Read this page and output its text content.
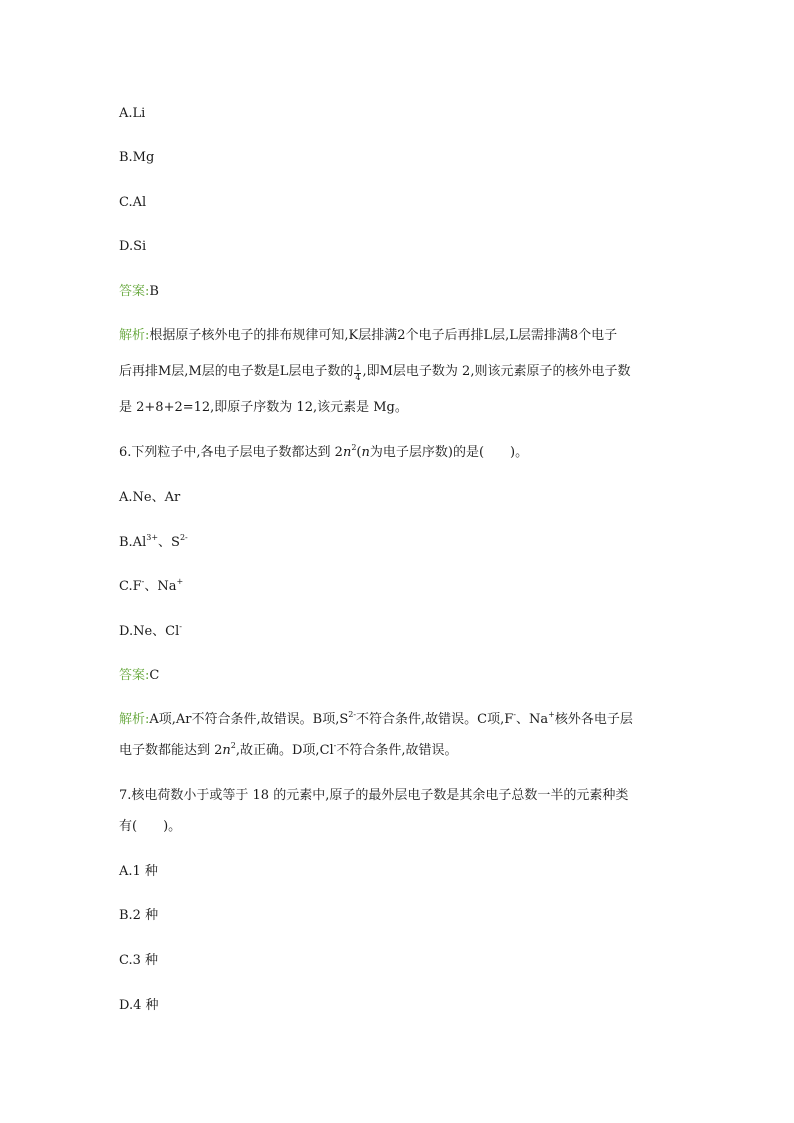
A.Li
B.Mg
C.Al
D.Si
答案:B
解析:根据原子核外电子的排布规律可知,K层排满2个电子后再排L层,L层需排满8个电子
后再排M层,M层的电子数是L层电子数的 $\frac{1}{4}$ ,即M层电子数为 2,则该元素原子的核外电子数
是 2+8+2=12,即原子序数为 12,该元素是 Mg。
6.下列粒子中,各电子层电子数都达到 $2n^2(n$为电子层序数)的是(　　)。
A.Ne、Ar
$B.Al^{3+}$、$S^{2-}$
C.F-、Na+
D.Ne、Cl-
答案:C
解析:A项,Ar不符合条件,故错误。B项$,S^{2-}$不符合条件,故错误。C项,F-、Na+核外各电子层
电子数都能达到 $2n^2$,故正确。D项,Cl-不符合条件,故错误。
7.核电荷数小于或等于 18 的元素中,原子的最外层电子数是其余电子总数一半的元素种类
有(　　)。
A.1 种
B.2 种
C.3 种
D.4 种
